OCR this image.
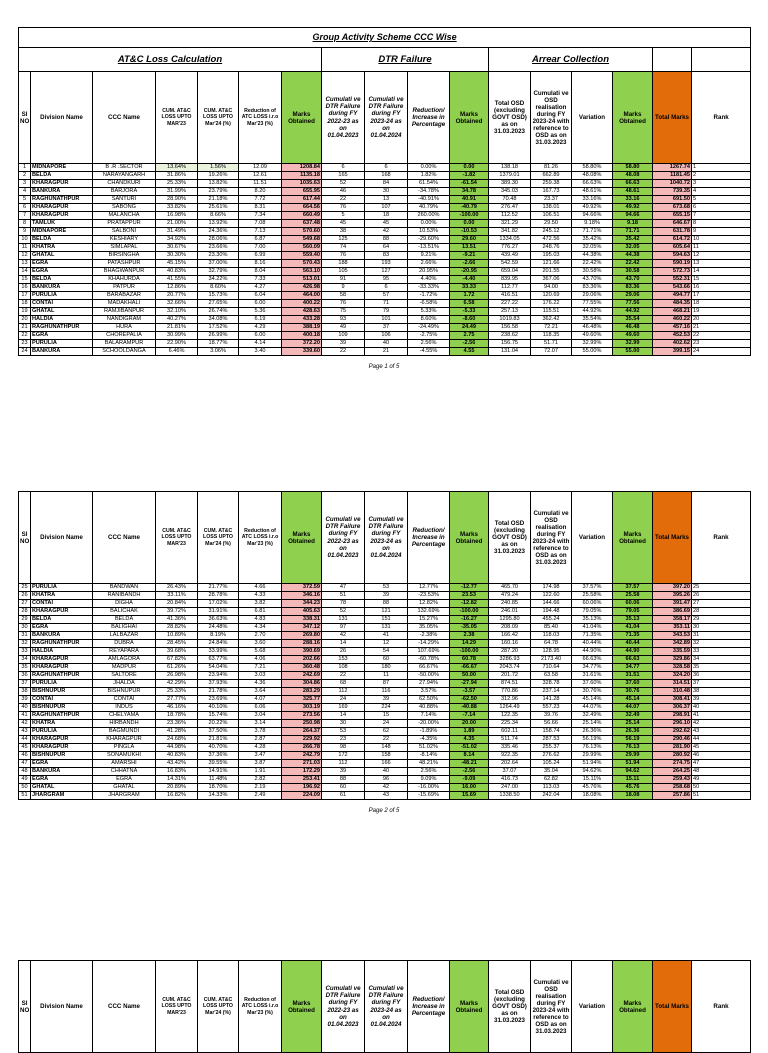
Group Activity Scheme CCC Wise																
AT&C Loss Calculation							DTR Failure				Arrear Collection					
Sl NO	Division Name	CCC Name	CUM. AT&C LOSS UPTO MAR'23	CUM. AT&C LOSS UPTO Mar'24 (%)	Reduction of ATC LOSS i.r.o Mar'23 (%)	Marks Obtained	Cumulati ve DTR Failure during FY 2022-23 as on 01.04.2023	Cumulati ve DTR Failure during FY 2023-24 as on 01.04.2024	Reduction/ Increase in Percentage	Marks Obtained	Total OSD (excluding GOVT OSD) as on 31.03.2023	Cumulati ve OSD realisation during FY 2023-24 with reference to OSD as on 31.03.2023	Variation	Marks Obtained	Total Marks	Rank
1	MIDNAPORE	B .R .SECTOR	13.64%	1.56%	12.09	1208.84	6	6	0.00%	0.00	138.18	81.26	58.80%	58.80	1267.74	1
2	BELDA	NARAYANGARH	31.86%	19.26%	12.61	1135.18	165	168	1.82%	-1.82	1379.01	662.89	48.08%	48.08	1181.45	2
3	KHARAGPUR	CHANDKURI	25.33%	13.82%	11.51	1035.63	52	84	61.54%	-61.54	389.30	259.38	66.63%	66.63	1040.72	3
4	BANKURA	BARJORA	31.99%	23.79%	8.20	655.95	46	30	-34.78%	34.78	345.03	167.73	48.61%	48.61	739.35	4
5	RAGHUNATHPUR	SANTURI	28.90%	21.18%	7.72	617.44	22	13	-40.91%	40.91	70.48	23.37	33.16%	33.16	691.50	5
6	KHARAGPUR	SABONG	33.82%	25.61%	8.31	664.56	76	107	40.79%	-40.79	276.47	138.01	49.92%	49.92	673.68	6
7	KHARAGPUR	MALANCHA	16.98%	8.66%	7.34	660.49	5	18	260.00%	-100.00	112.52	106.51	94.66%	94.66	655.15	7
8	TAMLUK	PRATAPPUR	21.00%	13.92%	7.08	637.48	45	45	0.00%	0.00	321.29	29.50	9.18%	9.18	646.67	8
9	MIDNAPORE	SALBONI	31.49%	24.36%	7.13	570.60	38	42	10.53%	-10.53	341.82	245.12	71.71%	71.71	631.78	9
10	BELDA	KESHIARY	34.92%	28.06%	6.87	549.68	125	88	-29.60%	29.60	1334.05	472.56	35.42%	35.42	614.72	10
11	KHATRA	SIMLAPAL	30.67%	23.66%	7.00	560.09	74	64	-13.51%	13.51	776.27	248.76	32.05%	32.05	605.64	11
12	GHATAL	BIRSINGHA	30.30%	23.30%	6.99	559.40	76	83	9.21%	-9.21	439.49	195.03	44.38%	44.38	594.63	12
13	EGRA	PATASHPUR	45.15%	37.00%	8.16	570.43	188	193	2.66%	-2.66	542.59	121.66	22.42%	22.42	590.19	13
14	EGRA	BHAGWANPUR	40.83%	32.79%	8.04	563.10	105	127	20.95%	-20.95	659.04	201.55	30.58%	30.58	572.73	14
15	BELDA	KHAHURDA	41.55%	34.22%	7.33	513.01	91	95	4.40%	-4.40	839.95	367.06	43.70%	43.70	552.31	15
16	BANKURA	PATPUR	12.86%	8.60%	4.27	426.98	9	6	-33.33%	33.33	112.77	94.00	83.36%	83.36	543.66	16
17	PURULIA	BARABAZAR	20.77%	15.73%	6.04	464.00	58	57	-1.72%	1.72	416.51	120.69	29.06%	29.06	494.77	17
18	CONTAI	MADAKHALI	32.66%	27.65%	6.00	400.22	76	71	-6.58%	6.58	227.22	176.22	77.55%	77.56	484.35	18
19	GHATAL	RAMJIBANPUR	32.10%	26.74%	5.36	428.63	75	79	5.33%	-5.33	257.13	115.51	44.92%	44.92	468.21	19
20	HALDIA	NANDIGRAM	40.27%	34.08%	6.19	433.28	93	101	8.60%	-8.60	1019.83	362.42	35.54%	35.54	460.22	20
21	RAGHUNATHPUR	HURA	21.81%	17.52%	4.29	388.19	49	37	-24.49%	24.49	156.58	72.21	46.48%	46.48	457.16	21
22	EGRA	CHOREPALIA	30.99%	26.99%	6.00	400.18	109	106	-2.75%	2.75	238.62	118.35	49.60%	49.60	452.53	22
23	PURULIA	BALARAMPUR	22.90%	18.77%	4.14	372.20	39	40	2.56%	-2.56	156.75	51.71	32.99%	32.99	402.62	23
24	BANKURA	SCHOOLDANGA	6.46%	3.06%	3.40	339.60	22	21	-4.55%	4.55	131.04	72.07	55.00%	55.00	399.15	24
Page 1 of 5
Sl NO	Division Name	CCC Name	CUM. AT&C LOSS UPTO MAR'23	CUM. AT&C LOSS UPTO Mar'24 (%)	Reduction of ATC LOSS i.r.o Mar'23 (%)	Marks Obtained	Cumulati ve DTR Failure during FY 2022-23 as on 01.04.2023	Cumulati ve DTR Failure during FY 2023-24 as on 01.04.2024	Reduction/ Increase in Percentage	Marks Obtained	Total OSD (excluding GOVT OSD) as on 31.03.2023	Cumulati ve OSD realisation during FY 2023-24 with reference to OSD as on 31.03.2023	Variation	Marks Obtained	Total Marks	Rank
25	PURULIA	BANDWAN	26.43%	21.77%	4.66	372.59	47	53	12.77%	-12.77	465.70	174.98	37.57%	37.57	397.20	25
26	KHATRA	RANIBANDH	33.11%	28.78%	4.33	346.16	51	39	-23.53%	23.53	479.24	122.60	25.58%	25.58	395.26	26
27	CONTAI	DIGHA	20.84%	17.02%	3.82	344.23	78	88	12.82%	-12.82	240.85	144.66	60.06%	60.06	391.47	27
28	KHARAGPUR	BALICHAK	39.72%	31.91%	6.81	405.63	52	121	132.69%	-100.00	246.01	194.48	79.05%	79.05	386.69	28
29	BELDA	BELDA	41.36%	36.63%	4.83	338.31	131	151	15.27%	-16.27	1295.80	455.24	35.13%	35.13	358.17	29
30	EGRA	BALIGHAI	28.82%	24.48%	4.34	347.12	97	131	35.05%	-35.05	208.09	85.40	41.04%	41.04	353.11	30
31	BANKURA	LALBAZAR	10.89%	8.19%	2.70	269.80	42	41	-2.38%	2.38	166.42	118.03	71.35%	71.35	343.53	31
32	RAGHUNATHPUR	DUBRA	28.45%	24.84%	3.60	288.16	14	12	-14.29%	14.29	160.16	64.78	40.44%	40.44	342.89	32
33	HALDIA	REYAPARA	39.68%	33.99%	5.68	390.69	26	54	107.69%	-100.00	287.20	128.95	44.90%	44.90	335.59	33
34	KHARAGPUR	AMLAGORA	67.82%	63.77%	4.06	202.66	153	60	-60.78%	60.78	3286.93	2173.40	66.63%	66.63	329.86	34
35	KHARAGPUR	MADPUR	61.26%	54.04%	7.21	360.48	108	180	66.67%	-66.67	2043.74	710.64	34.77%	34.77	328.58	35
36	RAGHUNATHPUR	SALTORE	26.98%	23.94%	3.03	242.69	22	11	-50.00%	50.00	201.72	63.58	31.61%	31.51	324.20	36
37	PURULIA	JHALDA	42.29%	37.93%	4.36	304.86	68	87	27.94%	-27.94	874.51	328.78	37.60%	37.60	314.51	37
38	BISHNUPUR	BISHNUPUR	25.33%	21.78%	3.64	283.29	112	116	3.57%	-3.57	770.86	237.14	30.76%	30.76	310.48	38
39	CONTAI	CONTAI	27.77%	23.69%	4.07	325.77	24	39	62.50%	-62.50	312.96	141.28	45.14%	45.14	308.41	39
40	BISHNUPUR	INDUS	46.16%	40.10%	6.06	303.19	169	224	40.88%	-40.88	1264.49	557.23	44.07%	44.07	306.37	40
41	RAGHUNATHPUR	CHELYAMA	18.78%	15.74%	3.04	273.56	14	15	7.14%	-7.14	122.35	39.76	32.49%	32.49	298.91	41
42	KHATRA	HIRBANDH	23.36%	20.22%	3.14	250.98	30	24	-20.00%	20.00	225.34	56.66	25.14%	25.14	296.10	42
43	PURULIA	BAGMUNDI	41.28%	37.50%	3.78	264.37	53	62	-1.89%	1.89	602.11	158.74	26.36%	26.36	292.62	43
44	KHARAGPUR	KHARAGPUR	24.68%	21.81%	2.87	229.92	23	22	-4.35%	4.35	511.74	287.53	56.19%	56.19	290.46	44
45	KHARAGPUR	PINGLA	44.98%	40.70%	4.28	266.78	98	148	51.02%	-51.02	335.46	255.37	76.13%	76.13	281.90	45
46	BISHNUPUR	SONAMUKHI	40.83%	37.36%	3.47	242.79	172	158	-8.14%	8.14	922.35	276.62	29.99%	29.99	280.92	46
47	EGRA	AMARSHI	43.42%	39.55%	3.87	271.03	112	166	48.21%	-48.21	202.64	105.24	51.94%	51.94	274.75	47
48	BANKURA	CHHATNA	16.83%	14.91%	1.91	172.29	39	40	2.56%	-2.56	37.07	35.04	94.62%	94.62	264.25	48
49	EGRA	EGRA	14.31%	11.48%	2.82	253.41	88	96	9.09%	-9.09	416.73	62.82	15.11%	15.11	259.43	49
50	GHATAL	GHATAL	20.89%	18.70%	2.19	196.92	60	42	-16.00%	16.00	247.00	113.03	45.76%	45.76	258.68	50
51	JHARGRAM	JHARGRAM	16.82%	14.33%	2.49	224.09	61	43	-15.69%	15.69	1338.50	242.04	18.08%	18.08	257.86	51
Page 2 of 5
Sl NO	Division Name	CCC Name	CUM. AT&C LOSS UPTO MAR'23	CUM. AT&C LOSS UPTO Mar'24 (%)	Reduction of ATC LOSS i.r.o Mar'23 (%)	Marks Obtained	Cumulati ve DTR Failure during FY 2022-23 as on 01.04.2023	Cumulati ve DTR Failure during FY 2023-24 as on 01.04.2024	Reduction/ Increase in Percentage	Marks Obtained	Total OSD (excluding GOVT OSD) as on 31.03.2023	Cumulati ve OSD realisation during FY 2023-24 with reference to OSD as on 31.03.2023	Variation	Marks Obtained	Total Marks	Rank
